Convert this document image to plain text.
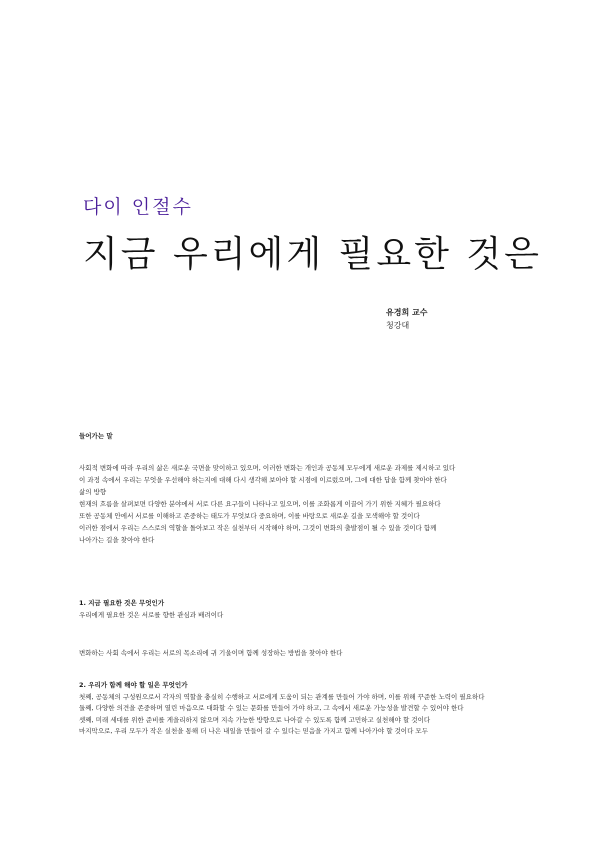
다이 인절수
지금 우리에게 필요한 것은
유경희 교수
청강대

들어가는 말

사회적 변화에 따라 우리의 삶은 새로운 국면을 맞이하고 있으며, 이러한 변화는 개인과 공동체 모두에게 새로운 과제를 제시하고 있다

이 과정 속에서 우리는 무엇을 우선해야 하는지에 대해 다시 생각해 보아야 할 시점에 이르렀으며, 그에 대한 답을 함께 찾아야 한다

삶의 방향

현재의 흐름을 살펴보면 다양한 분야에서 서로 다른 요구들이 나타나고 있으며, 이를 조화롭게 이끌어 가기 위한 지혜가 필요하다

또한 공동체 안에서 서로를 이해하고 존중하는 태도가 무엇보다 중요하며, 이를 바탕으로 새로운 길을 모색해야 할 것이다

이러한 점에서 우리는 스스로의 역할을 돌아보고 작은 실천부터 시작해야 하며, 그것이 변화의 출발점이 될 수 있을 것이다 함께

나아가는 길을 찾아야 한다

1. 지금 필요한 것은 무엇인가

우리에게 필요한 것은 서로를 향한 관심과 배려이다

변화하는 사회 속에서 우리는 서로의 목소리에 귀 기울이며 함께 성장하는 방법을 찾아야 한다

2. 우리가 함께 해야 할 일은 무엇인가

첫째, 공동체의 구성원으로서 각자의 역할을 충실히 수행하고 서로에게 도움이 되는 관계를 만들어 가야 하며, 이를 위해 꾸준한 노력이 필요하다

둘째, 다양한 의견을 존중하며 열린 마음으로 대화할 수 있는 문화를 만들어 가야 하고, 그 속에서 새로운 가능성을 발견할 수 있어야 한다

셋째, 미래 세대를 위한 준비를 게을리하지 않으며 지속 가능한 방향으로 나아갈 수 있도록 함께 고민하고 실천해야 할 것이다

마지막으로, 우리 모두가 작은 실천을 통해 더 나은 내일을 만들어 갈 수 있다는 믿음을 가지고 함께 나아가야 할 것이다 모두
